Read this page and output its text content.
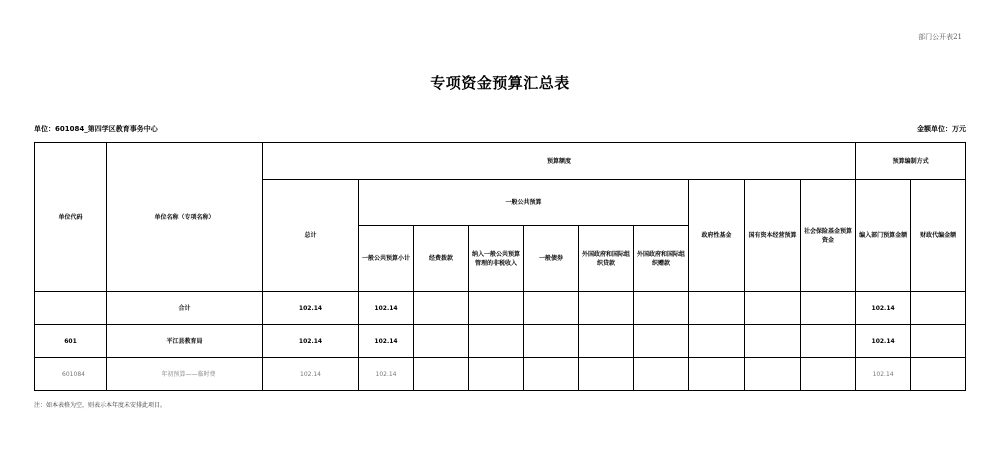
部门公开表21
专项资金预算汇总表
单位：601084_第四学区教育事务中心	金额单位：万元
单位代码	单位名称（专项名称）	预算额度										预算编制方式	
		总计	一般公共预算						政府性基金	国有资本经营预算	社会保险基金预算资金	编入部门预算金额	财政代编金额
			一般公共预算小计	经费拨款	纳入一般公共预算管理的非税收入	一般债券	外国政府和国际组织贷款	外国政府和国际组织赠款					
	合计	102.14	102.14									102.14	
601	平江县教育局	102.14	102.14									102.14	
601084	年初预算——临时费	102.14	102.14									102.14	
注：如本表格为空，则表示本年度未安排此项目。
